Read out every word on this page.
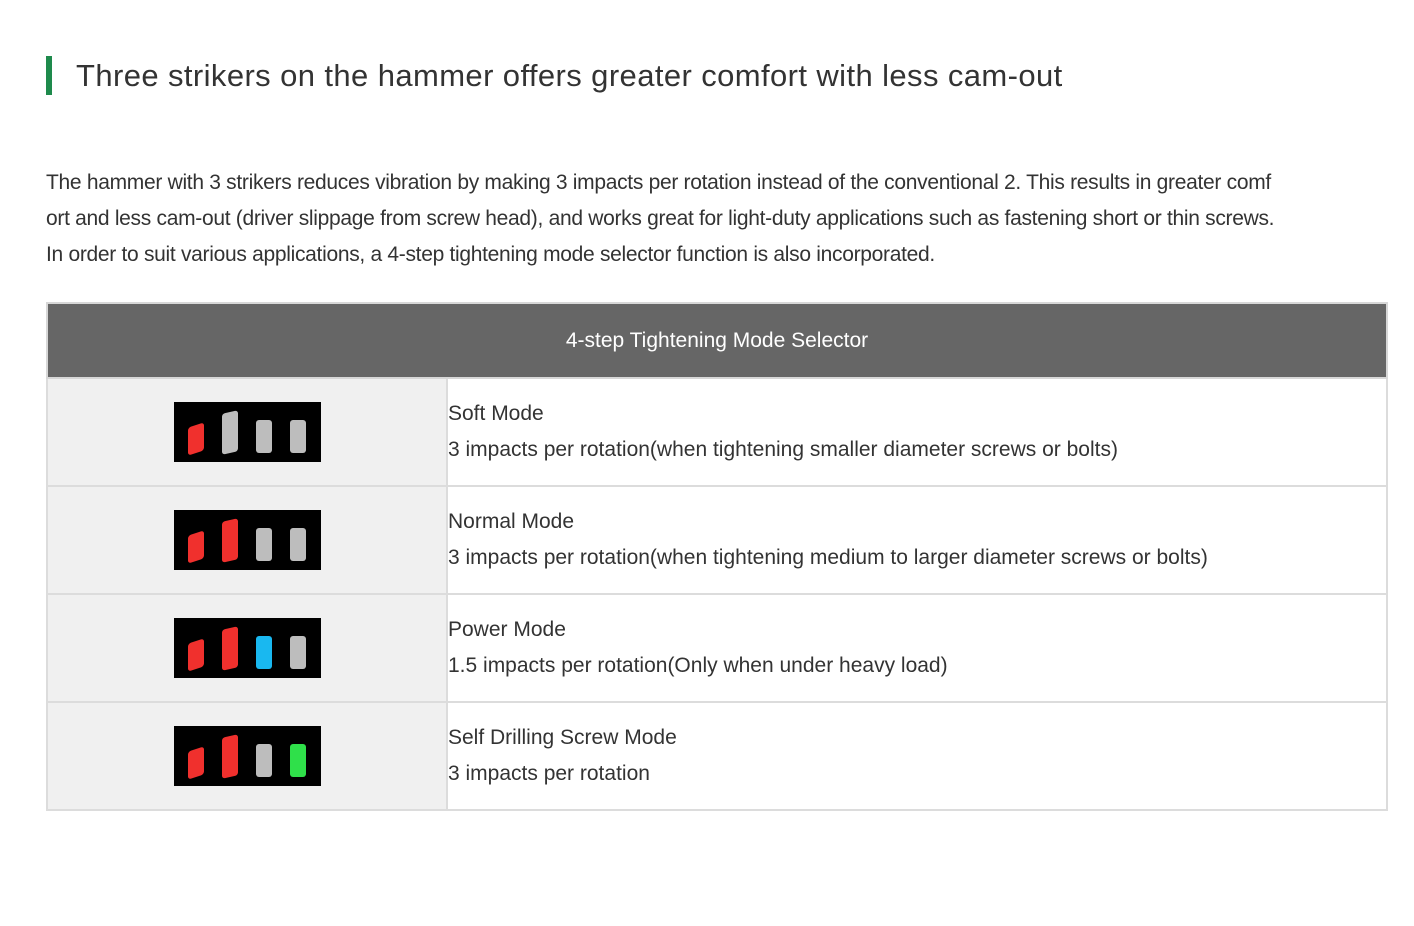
Three strikers on the hammer offers greater comfort with less cam-out

The hammer with 3 strikers reduces vibration by making 3 impacts per rotation instead of the conventional 2. This results in greater comf

ort and less cam-out (driver slippage from screw head), and works great for light-duty applications such as fastening short or thin screws.

In order to suit various applications, a 4-step tightening mode selector function is also incorporated.

4-step Tightening Mode Selector	

	Soft Mode

3 impacts per rotation(when tightening smaller diameter screws or bolts)

	Normal Mode

3 impacts per rotation(when tightening medium to larger diameter screws or bolts)

	Power Mode

1.5 impacts per rotation(Only when under heavy load)

	Self Drilling Screw Mode

3 impacts per rotation
